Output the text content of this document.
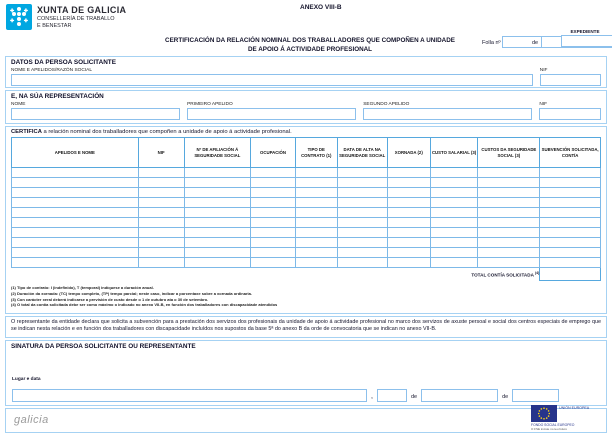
XUNTA DE GALICIA
CONSELLERÍA DE TRABALLO
E BENESTAR
ANEXO VIII-B
CERTIFICACIÓN DA RELACIÓN NOMINAL DOS TRABALLADORES QUE COMPOÑEN A UNIDADE
DE APOIO Á ACTIVIDADE PROFESIONAL
Folla nº	de
EXPEDIENTE
DATOS DA PERSOA SOLICITANTE
NOME E APELIDOS/RAZÓN SOCIAL	NIF
E, NA SÚA REPRESENTACIÓN
NOME	PRIMEIRO APELIDO	SEGUNDO APELIDO	NIF
CERTIFICA a relación nominal dos traballadores que compoñen a unidade de apoio á actividade profesional.
APELIDOS E NOME	NIF	Nº DE AFILIACIÓN Á SEGURIDADE SOCIAL	OCUPACIÓN	TIPO DE CONTRATO (1)	DATA DE ALTA NA SEGURIDADE SOCIAL	XORNADA (2)	CUSTO SALARIAL (3)	CUSTOS DA SEGURIDADE SOCIAL (3)	SUBVENCIÓN SOLICITADA, CONTÍA

TOTAL CONTÍA SOLICITADA $^{(4)}$	
(1) Tipo de contrato: I (indefinido), T (temporal) indíquese a duración anual.
(2) Duración da xornada: (TC) tempo completo, (TP) tempo parcial; neste caso, indicar a porcentaxe sobre a xornada ordinaria.
(3) Con carácter xeral deberá indicarse a previsión de custo desde o 1 de outubro ata o 30 de setembro.
(4) O total da contía solicitada debe ser como máximo o indicado no anexo VII-B, en función dos traballadores con discapacidade atendidos
O representante da entidade declara que solicita a subvención para a prestación dos servizos dos profesionais da unidade de apoio á actividade profesional no marco dos servizos de axuste persoal e social dos centros especiais de emprego que se indican nesta relación e en función dos traballadores con discapacidade incluídos nos supostos da base 5ª do anexo B da orde de convocatoria que se indican no anexo VII-B.
SINATURA DA PERSOA SOLICITANTE OU REPRESENTANTE
Lugar e data
,	de	de
galicia
UNIÓN EUROPEA
FONDO SOCIAL EUROPEO
O FSE inviste no teu futuro
